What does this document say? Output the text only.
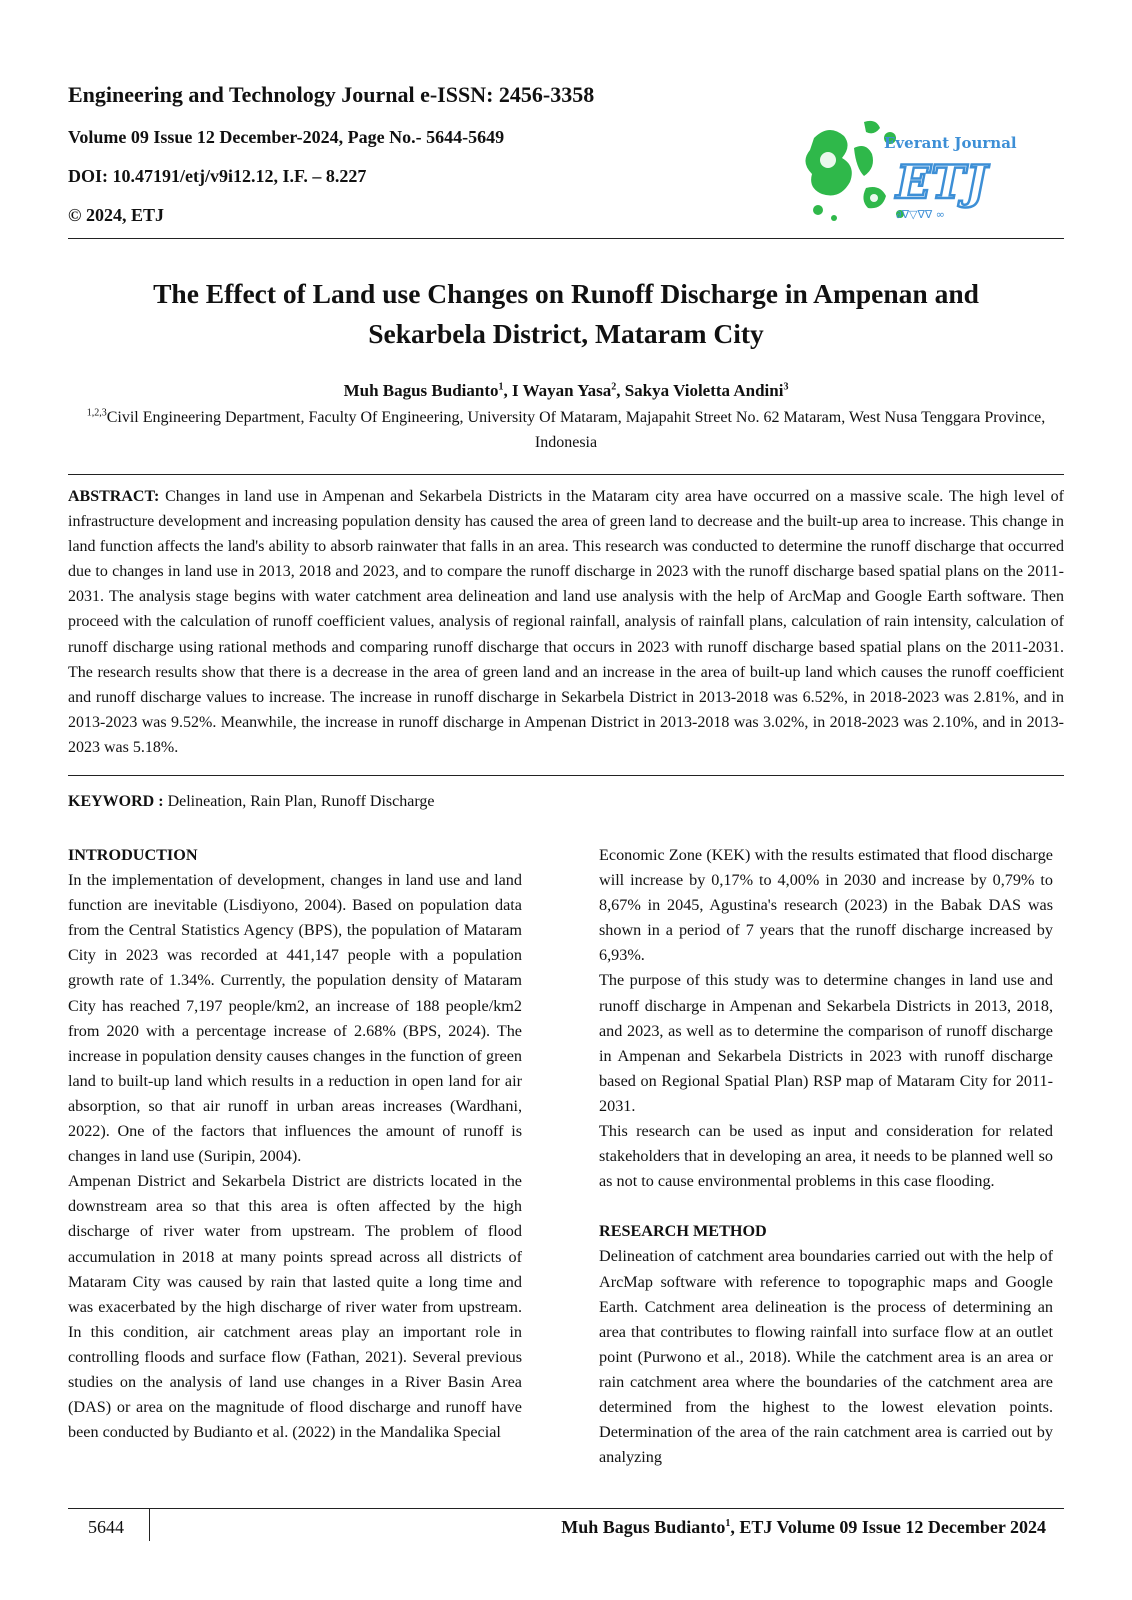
Engineering and Technology Journal e-ISSN: 2456-3358
Volume 09 Issue 12 December-2024, Page No.- 5644-5649
DOI: 10.47191/etj/v9i12.12, I.F. – 8.227
© 2024, ETJ
Everant Journal
ETJ
∂∇▽∇∇ ∞
The Effect of Land use Changes on Runoff Discharge in Ampenan and
Sekarbela District, Mataram City
Muh Bagus Budianto$^1$, I Wayan Yasa$^2$, Sakya Violetta Andini$^3$
$^{1,2,3}$Civil Engineering Department, Faculty Of Engineering, University Of Mataram, Majapahit Street No. 62 Mataram, West Nusa Tenggara Province, Indonesia
ABSTRACT: Changes in land use in Ampenan and Sekarbela Districts in the Mataram city area have occurred on a massive scale. The high level of infrastructure development and increasing population density has caused the area of green land to decrease and the built-up area to increase. This change in land function affects the land's ability to absorb rainwater that falls in an area. This research was conducted to determine the runoff discharge that occurred due to changes in land use in 2013, 2018 and 2023, and to compare the runoff discharge in 2023 with the runoff discharge based spatial plans on the 2011-2031. The analysis stage begins with water catchment area delineation and land use analysis with the help of ArcMap and Google Earth software. Then proceed with the calculation of runoff coefficient values, analysis of regional rainfall, analysis of rainfall plans, calculation of rain intensity, calculation of runoff discharge using rational methods and comparing runoff discharge that occurs in 2023 with runoff discharge based spatial plans on the 2011-2031. The research results show that there is a decrease in the area of green land and an increase in the area of built-up land which causes the runoff coefficient and runoff discharge values to increase. The increase in runoff discharge in Sekarbela District in 2013-2018 was 6.52%, in 2018-2023 was 2.81%, and in 2013-2023 was 9.52%. Meanwhile, the increase in runoff discharge in Ampenan District in 2013-2018 was 3.02%, in 2018-2023 was 2.10%, and in 2013-2023 was 5.18%.
KEYWORD : Delineation, Rain Plan, Runoff Discharge

INTRODUCTION

In the implementation of development, changes in land use and land function are inevitable (Lisdiyono, 2004). Based on population data from the Central Statistics Agency (BPS), the population of Mataram City in 2023 was recorded at 441,147 people with a population growth rate of 1.34%. Currently, the population density of Mataram City has reached 7,197 people/km2, an increase of 188 people/km2 from 2020 with a percentage increase of 2.68% (BPS, 2024). The increase in population density causes changes in the function of green land to built-up land which results in a reduction in open land for air absorption, so that air runoff in urban areas increases (Wardhani, 2022). One of the factors that influences the amount of runoff is changes in land use (Suripin, 2004).

Ampenan District and Sekarbela District are districts located in the downstream area so that this area is often affected by the high discharge of river water from upstream. The problem of flood accumulation in 2018 at many points spread across all districts of Mataram City was caused by rain that lasted quite a long time and was exacerbated by the high discharge of river water from upstream. In this condition, air catchment areas play an important role in controlling floods and surface flow (Fathan, 2021). Several previous studies on the analysis of land use changes in a River Basin Area (DAS) or area on the magnitude of flood discharge and runoff have been conducted by Budianto et al. (2022) in the Mandalika Special

Economic Zone (KEK) with the results estimated that flood discharge will increase by 0,17% to 4,00% in 2030 and increase by 0,79% to 8,67% in 2045, Agustina's research (2023) in the Babak DAS was shown in a period of 7 years that the runoff discharge increased by 6,93%.

The purpose of this study was to determine changes in land use and runoff discharge in Ampenan and Sekarbela Districts in 2013, 2018, and 2023, as well as to determine the comparison of runoff discharge in Ampenan and Sekarbela Districts in 2023 with runoff discharge based on Regional Spatial Plan) RSP map of Mataram City for 2011-2031.

This research can be used as input and consideration for related stakeholders that in developing an area, it needs to be planned well so as not to cause environmental problems in this case flooding.

RESEARCH METHOD

Delineation of catchment area boundaries carried out with the help of ArcMap software with reference to topographic maps and Google Earth. Catchment area delineation is the process of determining an area that contributes to flowing rainfall into surface flow at an outlet point (Purwono et al., 2018). While the catchment area is an area or rain catchment area where the boundaries of the catchment area are determined from the highest to the lowest elevation points. Determination of the area of the rain catchment area is carried out by analyzing

5644	Muh Bagus Budianto$^1$, ETJ Volume 09 Issue 12 December 2024
